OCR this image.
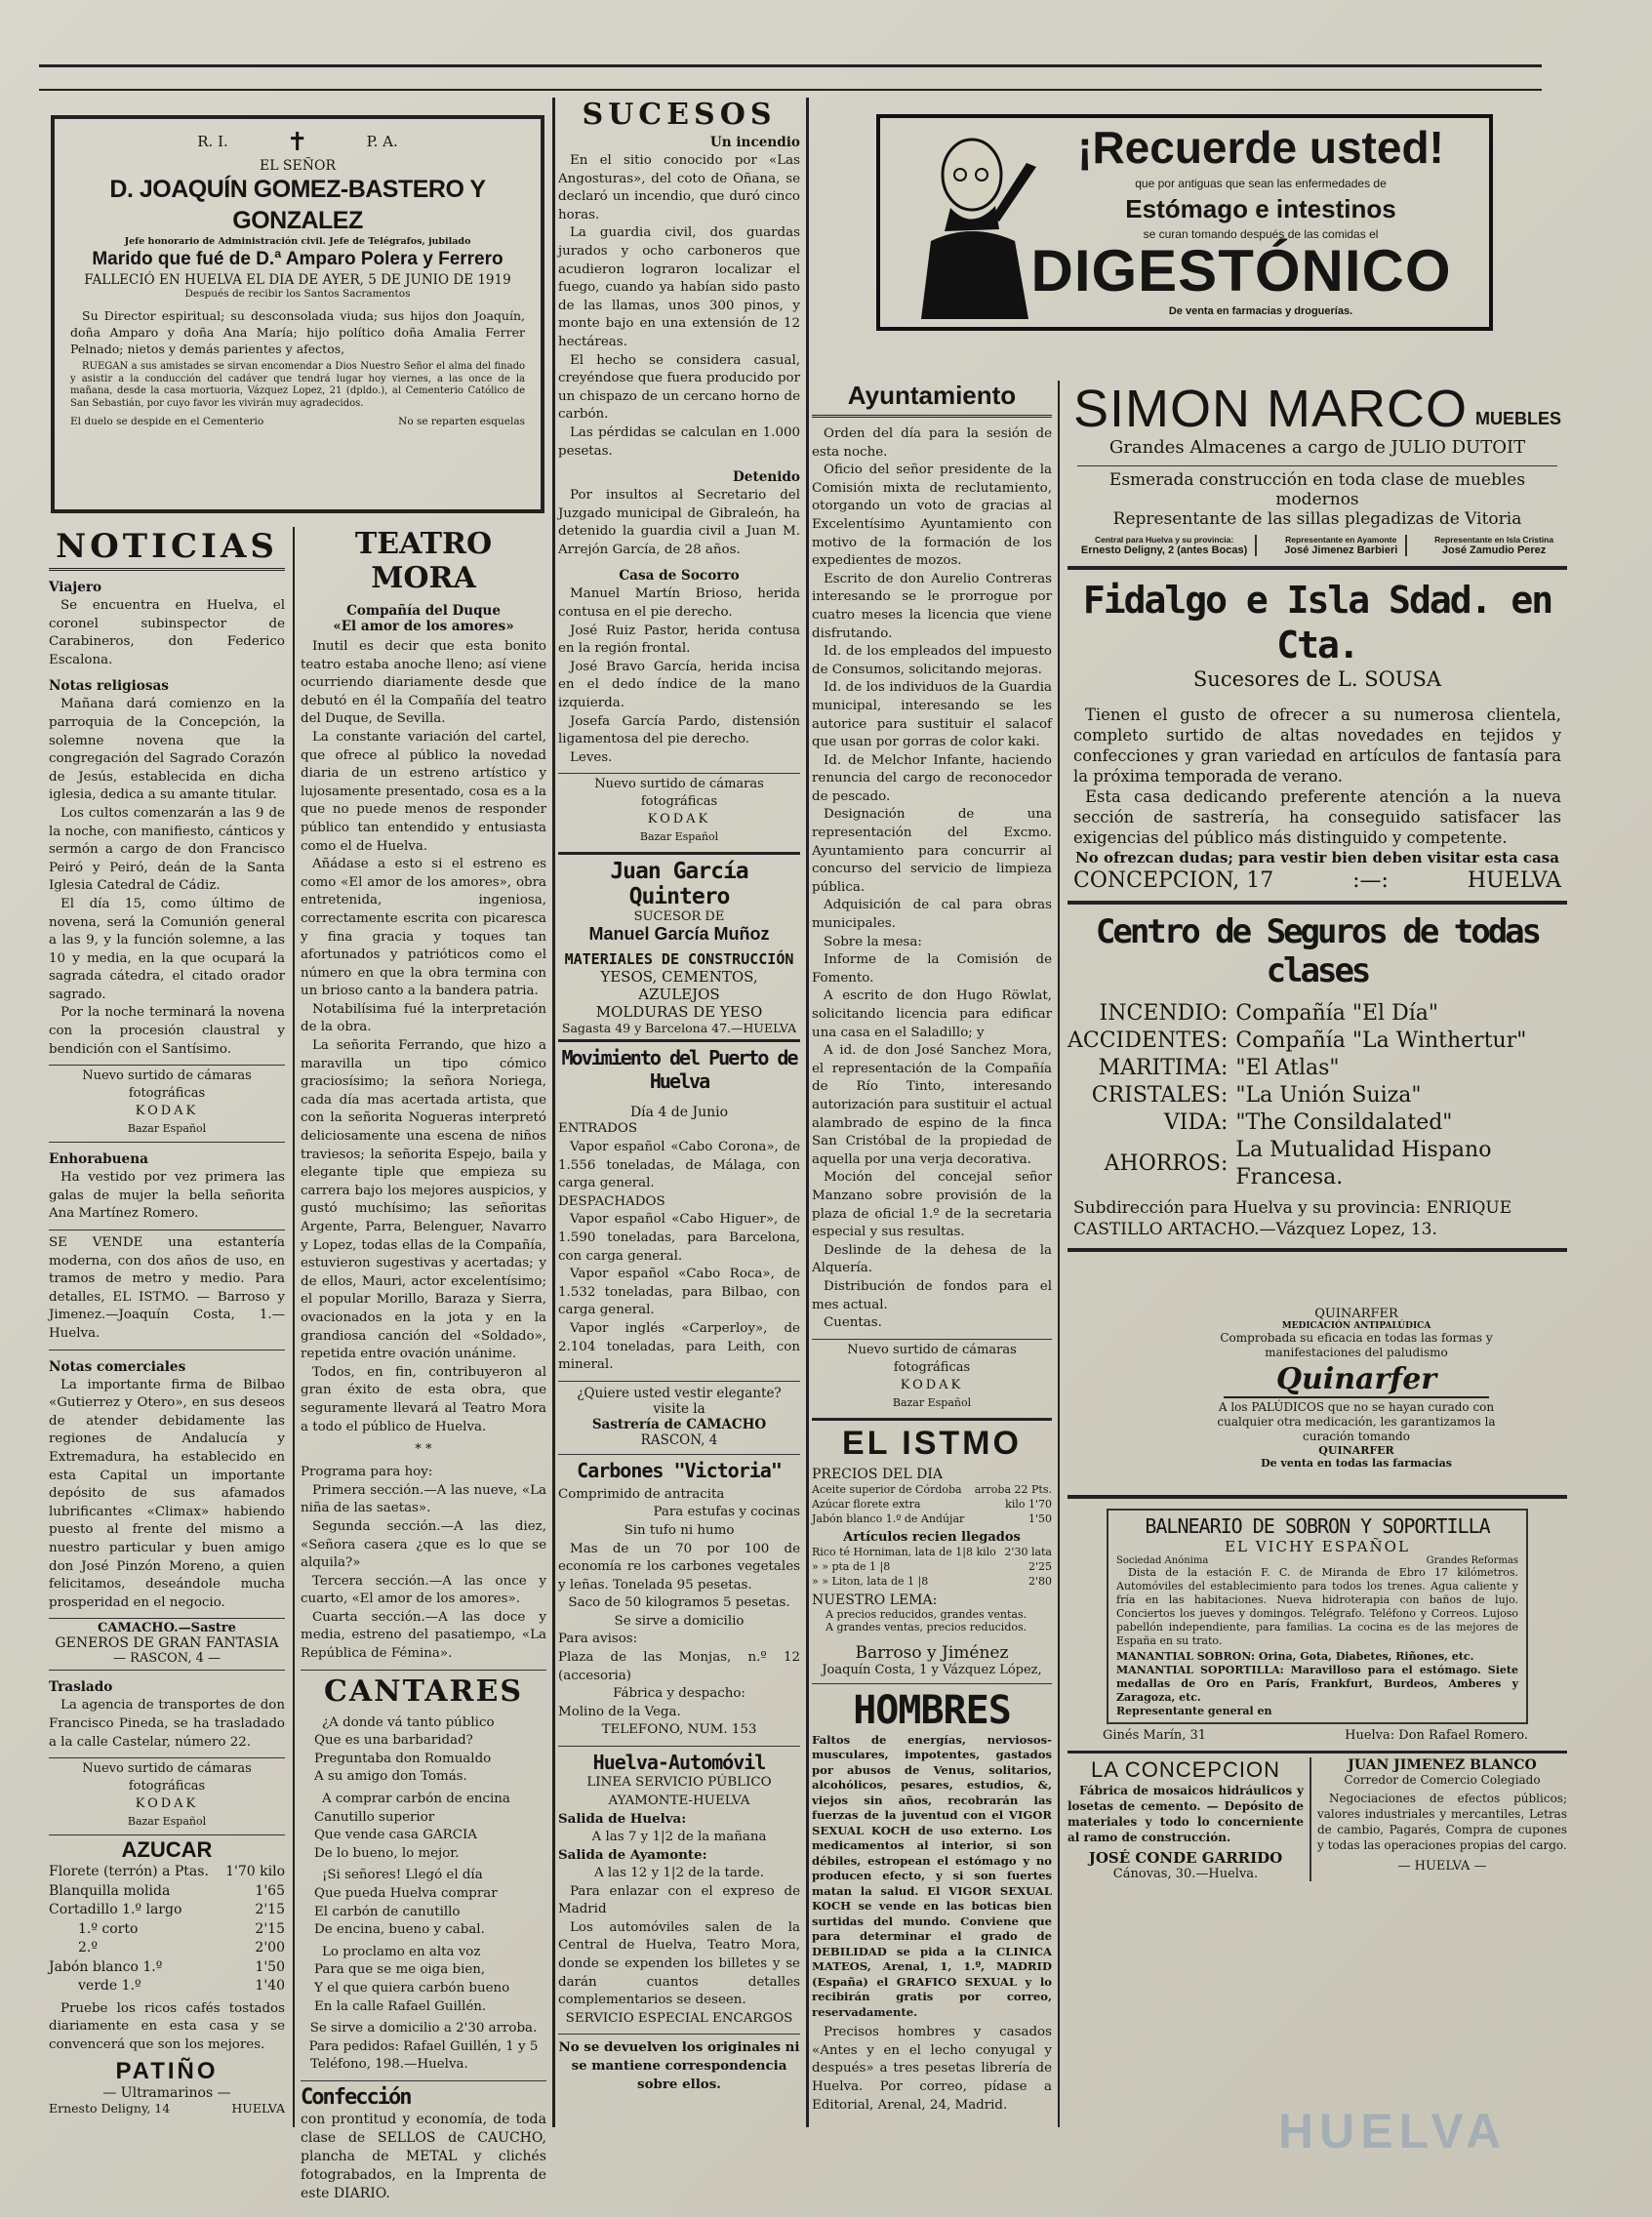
R. I. ✝	P. A.
EL SEÑOR
D. JOAQUÍN GOMEZ-BASTERO Y GONZALEZ
Jefe honorario de Administración civil. Jefe de Telégrafos, jubilado
Marido que fué de D.ª Amparo Polera y Ferrero
FALLECIÓ EN HUELVA EL DIA DE AYER, 5 DE JUNIO DE 1919
Después de recibir los Santos Sacramentos

Su Director espiritual; su desconsolada viuda; sus hijos don Joaquín, doña Amparo y doña Ana María; hijo político doña Amalia Ferrer Pelnado; nietos y demás parientes y afectos,

RUEGAN a sus amistades se sirvan encomendar a Dios Nuestro Señor el alma del finado y asistir a la conducción del cadáver que tendrá lugar hoy viernes, a las once de la mañana, desde la casa mortuoria, Vázquez Lopez, 21 (dpldo.), al Cementerio Católico de San Sebastián, por cuyo favor les vivirán muy agradecidos.

El duelo se despide en el Cementerio	No se reparten esquelas
NOTICIAS
Viajero

Se encuentra en Huelva, el coronel subinspector de Carabineros, don Federico Escalona.

Notas religiosas

Mañana dará comienzo en la parroquia de la Concepción, la solemne novena que la congregación del Sagrado Corazón de Jesús, establecida en dicha iglesia, dedica a su amante titular.

Los cultos comenzarán a las 9 de la noche, con manifiesto, cánticos y sermón a cargo de don Francisco Peiró y Peiró, deán de la Santa Iglesia Catedral de Cádiz.

El día 15, como último de novena, será la Comunión general a las 9, y la función solemne, a las 10 y media, en la que ocupará la sagrada cátedra, el citado orador sagrado.

Por la noche terminará la novena con la procesión claustral y bendición con el Santísimo.

Nuevo surtido de cámaras fotográficas
KODAK
Bazar Español
Enhorabuena

Ha vestido por vez primera las galas de mujer la bella señorita Ana Martínez Romero.

SE VENDE una estantería moderna, con dos años de uso, en tramos de metro y medio. Para detalles, EL ISTMO. — Barroso y Jimenez.—Joaquín Costa, 1.—Huelva.

Notas comerciales

La importante firma de Bilbao «Gutierrez y Otero», en sus deseos de atender debidamente las regiones de Andalucía y Extremadura, ha establecido en esta Capital un importante depósito de sus afamados lubrificantes «Climax» habiendo puesto al frente del mismo a nuestro particular y buen amigo don José Pinzón Moreno, a quien felicitamos, deseándole mucha prosperidad en el negocio.

CAMACHO.—Sastre
GENEROS DE GRAN FANTASIA
— RASCON, 4 —
Traslado

La agencia de transportes de don Francisco Pineda, se ha trasladado a la calle Castelar, número 22.

Nuevo surtido de cámaras fotográficas
KODAK
Bazar Español
AZUCAR
Florete (terrón) a Ptas.	1'70 kilo
Blanquilla molida	1'65
Cortadillo 1.º largo	2'15
1.º corto	2'15
2.º	2'00
Jabón blanco 1.º	1'50
verde 1.º	1'40

Pruebe los ricos cafés tostados diariamente en esta casa y se convencerá que son los mejores.

PATIÑO
— Ultramarinos —
Ernesto Deligny, 14	HUELVA
TEATRO MORA
Compañía del Duque
«El amor de los amores»

Inutil es decir que esta bonito teatro estaba anoche lleno; así viene ocurriendo diariamente desde que debutó en él la Compañía del teatro del Duque, de Sevilla.

La constante variación del cartel, que ofrece al público la novedad diaria de un estreno artístico y lujosamente presentado, cosa es a la que no puede menos de responder público tan entendido y entusiasta como el de Huelva.

Añádase a esto si el estreno es como «El amor de los amores», obra entretenida, ingeniosa, correctamente escrita con picaresca y fina gracia y toques tan afortunados y patrióticos como el número en que la obra termina con un brioso canto a la bandera patria.

Notabilísima fué la interpretación de la obra.

La señorita Ferrando, que hizo a maravilla un tipo cómico graciosísimo; la señora Noriega, cada día mas acertada artista, que con la señorita Nogueras interpretó deliciosamente una escena de niños traviesos; la señorita Espejo, baila y elegante tiple que empieza su carrera bajo los mejores auspicios, y gustó muchísimo; las señoritas Argente, Parra, Belenguer, Navarro y Lopez, todas ellas de la Compañía, estuvieron sugestivas y acertadas; y de ellos, Mauri, actor excelentísimo; el popular Morillo, Baraza y Sierra, ovacionados en la jota y en la grandiosa canción del «Soldado», repetida entre ovación unánime.

Todos, en fin, contribuyeron al gran éxito de esta obra, que seguramente llevará al Teatro Mora a todo el público de Huelva.

* *

Programa para hoy:

Primera sección.—A las nueve, «La niña de las saetas».

Segunda sección.—A las diez, «Señora casera ¿que es lo que se alquila?»

Tercera sección.—A las once y cuarto, «El amor de los amores».

Cuarta sección.—A las doce y media, estreno del pasatiempo, «La República de Fémina».

CANTARES
¿A donde vá tanto público
Que es una barbaridad?
Preguntaba don Romualdo
A su amigo don Tomás.
A comprar carbón de encina
Canutillo superior
Que vende casa GARCIA
De lo bueno, lo mejor.
¡Si señores! Llegó el día
Que pueda Huelva comprar
El carbón de canutillo
De encina, bueno y cabal.
Lo proclamo en alta voz
Para que se me oiga bien,
Y el que quiera carbón bueno
En la calle Rafael Guillén.

Se sirve a domicilio a 2'30 arroba.

Para pedidos: Rafael Guillén, 1 y 5

Teléfono, 198.—Huelva.

Confección

con prontitud y economía, de toda clase de SELLOS de CAUCHO, plancha de METAL y clichés fotograbados, en la Imprenta de este DIARIO.

SUCESOS
Un incendio

En el sitio conocido por «Las Angosturas», del coto de Oñana, se declaró un incendio, que duró cinco horas.

La guardia civil, dos guardas jurados y ocho carboneros que acudieron lograron localizar el fuego, cuando ya habían sido pasto de las llamas, unos 300 pinos, y monte bajo en una extensión de 12 hectáreas.

El hecho se considera casual, creyéndose que fuera producido por un chispazo de un cercano horno de carbón.

Las pérdidas se calculan en 1.000 pesetas.

Detenido

Por insultos al Secretario del Juzgado municipal de Gibraleón, ha detenido la guardia civil a Juan M. Arrejón García, de 28 años.

Casa de Socorro

Manuel Martín Brioso, herida contusa en el pie derecho.

José Ruiz Pastor, herida contusa en la región frontal.

José Bravo García, herida incisa en el dedo índice de la mano izquierda.

Josefa García Pardo, distensión ligamentosa del pie derecho.

Leves.

Nuevo surtido de cámaras fotográficas
KODAK
Bazar Español
Juan García Quintero
SUCESOR DE
Manuel García Muñoz
MATERIALES DE CONSTRUCCIÓN
YESOS, CEMENTOS, AZULEJOS
MOLDURAS DE YESO
Sagasta 49 y Barcelona 47.—HUELVA
Movimiento del Puerto de Huelva
Día 4 de Junio

ENTRADOS

Vapor español «Cabo Corona», de 1.556 toneladas, de Málaga, con carga general.

DESPACHADOS

Vapor español «Cabo Higuer», de 1.590 toneladas, para Barcelona, con carga general.

Vapor español «Cabo Roca», de 1.532 toneladas, para Bilbao, con carga general.

Vapor inglés «Carperloy», de 2.104 toneladas, para Leith, con mineral.

¿Quiere usted vestir elegante?
visite la
Sastrería de CAMACHO
RASCON, 4
Carbones "Victoria"

Comprimido de antracita

Para estufas y cocinas

Sin tufo ni humo

Mas de un 70 por 100 de economía re los carbones vegetales y leñas. Tonelada 95 pesetas.

Saco de 50 kilogramos 5 pesetas.

Se sirve a domicilio

Para avisos:

Plaza de las Monjas, n.º 12 (accesoria)

Fábrica y despacho:

Molino de la Vega.

TELEFONO, NUM. 153

Huelva-Automóvil

LINEA SERVICIO PÚBLICO

AYAMONTE-HUELVA

Salida de Huelva:

A las 7 y 1|2 de la mañana

Salida de Ayamonte:

A las 12 y 1|2 de la tarde.

Para enlazar con el expreso de Madrid

Los automóviles salen de la Central de Huelva, Teatro Mora, donde se expenden los billetes y se darán cuantos detalles complementarios se deseen.

SERVICIO ESPECIAL ENCARGOS

No se devuelven los originales ni se mantiene correspondencia sobre ellos.

¡Recuerde usted!
que por antiguas que sean las enfermedades de
Estómago e intestinos
se curan tomando después de las comidas el
DIGESTÓNICO
De venta en farmacias y droguerías.
Ayuntamiento

Orden del día para la sesión de esta noche.

Oficio del señor presidente de la Comisión mixta de reclutamiento, otorgando un voto de gracias al Excelentísimo Ayuntamiento con motivo de la formación de los expedientes de mozos.

Escrito de don Aurelio Contreras interesando se le prorrogue por cuatro meses la licencia que viene disfrutando.

Id. de los empleados del impuesto de Consumos, solicitando mejoras.

Id. de los individuos de la Guardia municipal, interesando se les autorice para sustituir el salacof que usan por gorras de color kaki.

Id. de Melchor Infante, haciendo renuncia del cargo de reconocedor de pescado.

Designación de una representación del Excmo. Ayuntamiento para concurrir al concurso del servicio de limpieza pública.

Adquisición de cal para obras municipales.

Sobre la mesa:

Informe de la Comisión de Fomento.

A escrito de don Hugo Röwlat, solicitando licencia para edificar una casa en el Saladillo; y

A id. de don José Sanchez Mora, el representación de la Compañía de Río Tinto, interesando autorización para sustituir el actual alambrado de espino de la finca San Cristóbal de la propiedad de aquella por una verja decorativa.

Moción del concejal señor Manzano sobre provisión de la plaza de oficial 1.º de la secretaria especial y sus resultas.

Deslinde de la dehesa de la Alquería.

Distribución de fondos para el mes actual.

Cuentas.

Nuevo surtido de cámaras fotográficas
KODAK
Bazar Español
EL ISTMO
PRECIOS DEL DIA
Aceite superior de Córdoba arroba 22 Pts.
Azúcar florete extra	kilo 1'70
Jabón blanco 1.º de Andújar	1'50
Artículos recien llegados
Rico té Horniman, lata de 1|8 kilo 2'30 lata
» » pta de 1 |8	2'25
» » Liton, lata de 1 |8	2'80
NUESTRO LEMA:
A precios reducidos, grandes ventas.
A grandes ventas, precios reducidos.
Barroso y Jiménez
Joaquín Costa, 1 y Vázquez López,
HOMBRES

Faltos de energías, nerviosos-musculares, impotentes, gastados por abusos de Venus, solitarios, alcohólicos, pesares, estudios, &, viejos sin años, recobrarán las fuerzas de la juventud con el VIGOR SEXUAL KOCH de uso externo. Los medicamentos al interior, si son débiles, estropean el estómago y no producen efecto, y si son fuertes matan la salud. El VIGOR SEXUAL KOCH se vende en las boticas bien surtidas del mundo. Conviene que para determinar el grado de DEBILIDAD se pida a la CLINICA MATEOS, Arenal, 1, 1.º, MADRID (España) el GRAFICO SEXUAL y lo recibirán gratis por correo, reservadamente.

Precisos hombres y casados «Antes y en el lecho conyugal y después» a tres pesetas librería de Huelva. Por correo, pídase a Editorial, Arenal, 24, Madrid.

SIMON MARCO MUEBLES
Grandes Almacenes a cargo de JULIO DUTOIT
Esmerada construcción en toda clase de muebles modernos
Representante de las sillas plegadizas de Vitoria
Central para Huelva y su provincia:
Ernesto Deligny, 2 (antes Bocas)
Representante en Ayamonte
José Jimenez Barbieri
Representante en Isla Cristina
José Zamudio Perez
Fidalgo e Isla Sdad. en Cta.
Sucesores de L. SOUSA

Tienen el gusto de ofrecer a su numerosa clientela, completo surtido de altas novedades en tejidos y confecciones y gran variedad en artículos de fantasía para la próxima temporada de verano.

Esta casa dedicando preferente atención a la nueva sección de sastrería, ha conseguido satisfacer las exigencias del público más distinguido y competente.

No ofrezcan dudas; para vestir bien deben visitar esta casa

CONCEPCION, 17	:—:	HUELVA
Centro de Seguros de todas clases
INCENDIO:	Compañía "El Día"
ACCIDENTES:	Compañía "La Winthertur"
MARITIMA:	"El Atlas"
CRISTALES:	"La Unión Suiza"
VIDA:	"The Consildalated"
AHORROS:	La Mutualidad Hispano Francesa.

Subdirección para Huelva y su provincia: ENRIQUE CASTILLO ARTACHO.—Vázquez Lopez, 13.

QUINARFER
MEDICACIÓN ANTIPALÚDICA
Comprobada su eficacia en todas las formas y manifestaciones del paludismo
Quinarfer
A los PALÚDICOS que no se hayan curado con cualquier otra medicación, les garantizamos la curación tomando
QUINARFER
De venta en todas las farmacias
BALNEARIO DE SOBRON Y SOPORTILLA
EL VICHY ESPAÑOL
Sociedad Anónima	Grandes Reformas

Dista de la estación F. C. de Miranda de Ebro 17 kilómetros. Automóviles del establecimiento para todos los trenes. Agua caliente y fría en las habitaciones. Nueva hidroterapia con baños de lujo. Conciertos los jueves y domingos. Telégrafo. Teléfono y Correos. Lujoso pabellón independiente, para familias. La cocina es de las mejores de España en su trato.

MANANTIAL SOBRON: Orina, Gota, Diabetes, Riñones, etc.

MANANTIAL SOPORTILLA: Maravilloso para el estómago. Siete medallas de Oro en París, Frankfurt, Burdeos, Amberes y Zaragoza, etc.

Representante general en

Ginés Marín, 31	Huelva: Don Rafael Romero.
LA CONCEPCION

Fábrica de mosaicos hidráulicos y losetas de cemento. — Depósito de materiales y todo lo concerniente al ramo de construcción.

JOSÉ CONDE GARRIDO
Cánovas, 30.—Huelva.
JUAN JIMENEZ BLANCO
Corredor de Comercio Colegiado

Negociaciones de efectos públicos; valores industriales y mercantiles, Letras de cambio, Pagarés, Compra de cupones y todas las operaciones propias del cargo.

— HUELVA —
HUELVA
